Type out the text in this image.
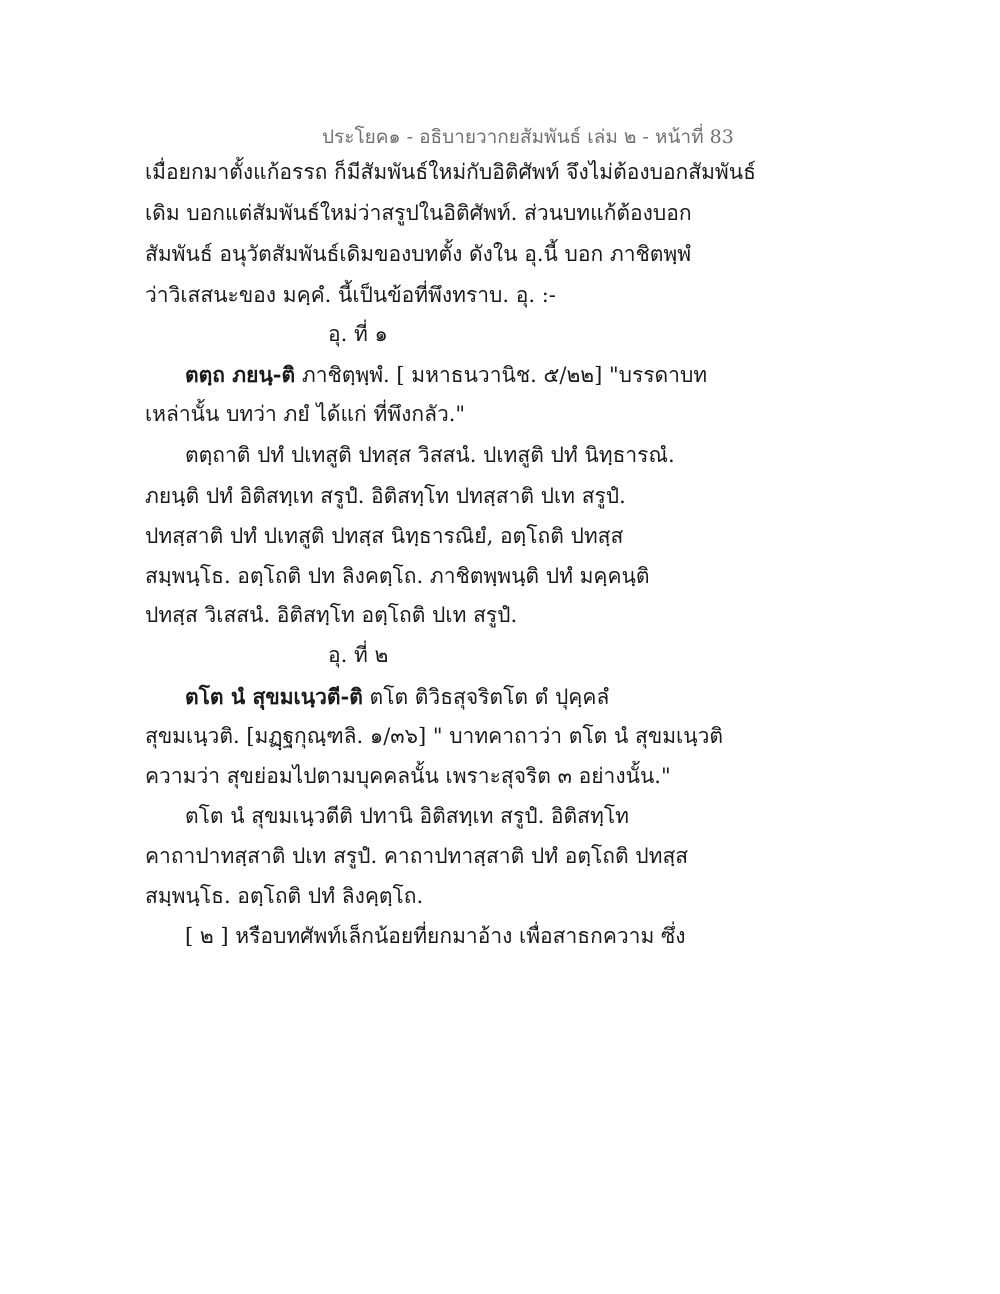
ประโยค๑ - อธิบายวากยสัมพันธ์ เล่ม ๒ - หน้าที่ 83
เมื่อยกมาตั้งแก้อรรถ ก็มีสัมพันธ์ใหม่กับอิติศัพท์ จึงไม่ต้องบอกสัมพันธ์
เดิม บอกแต่สัมพันธ์ใหม่ว่าสรูปในอิติศัพท์. ส่วนบทแก้ต้องบอก
สัมพันธ์ อนุวัตสัมพันธ์เดิมของบทตั้ง ดังใน อุ.นี้ บอก ภาชิตพฺพํ
ว่าวิเสสนะของ มคฺคํ. นี้เป็นข้อที่พึงทราบ. อุ. :-
อุ. ที่ ๑
ตตฺถ ภยนฺ-ติ ภาชิตฺพฺพํ. [ มหาธนวานิช. ๕/๒๒] "บรรดาบท
เหล่านั้น บทว่า ภยํ ได้แก่ ที่พึงกลัว."
ตตฺถาติ ปทํ ปเทสูติ ปทสฺส วิสสนํ. ปเทสูติ ปทํ นิทฺธารณํ.
ภยนฺติ ปทํ อิติสทฺเท สรูปํ. อิติสทฺโท ปทสฺสาติ ปเท สรูปํ.
ปทสฺสาติ ปทํ ปเทสูติ ปทสฺส นิทฺธารณิยํ, อตฺโถติ ปทสฺส
สมฺพนฺโธ. อตฺโถติ ปท ลิงคตฺโถ. ภาชิตพฺพนฺติ ปทํ มคฺคนฺติ
ปทสฺส วิเสสนํ. อิติสทฺโท อตฺโถติ ปเท สรูปํ.
อุ. ที่ ๒
ตโต นํ สุขมเนฺวตี-ติ ตโต ติวิธสุจริตโต ตํ ปุคฺคลํ
สุขมเนฺวติ. [มฏฺฐกุณฺฑลิ. ๑/๓๖] " บาทคาถาว่า ตโต นํ สุขมเนฺวติ
ความว่า สุขย่อมไปตามบุคคลนั้น เพราะสุจริต ๓ อย่างนั้น."
ตโต นํ สุขมเนฺวตีติ ปทานิ อิติสทฺเท สรูปํ. อิติสทฺโท
คาถาปาทสฺสาติ ปเท สรูปํ. คาถาปทาสฺสาติ ปทํ อตฺโถติ ปทสฺส
สมฺพนฺโธ. อตฺโถติ ปทํ ลิงคฺตฺโถ.
[ ๒ ] หรือบทศัพท์เล็กน้อยที่ยกมาอ้าง เพื่อสาธกความ ซึ่ง
